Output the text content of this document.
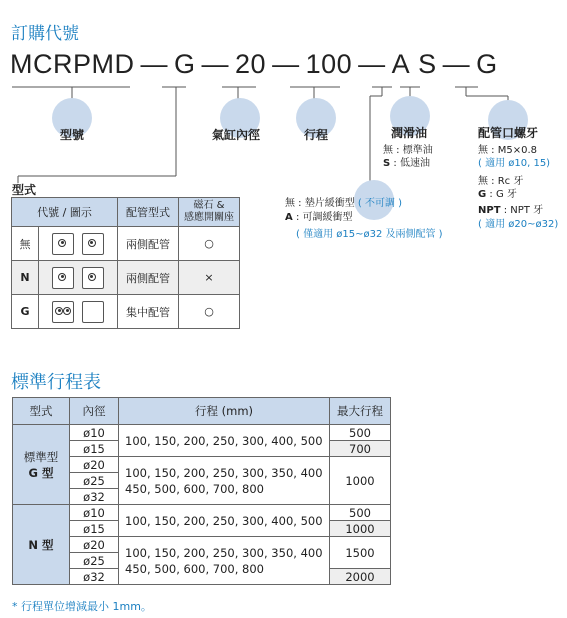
訂購代號
MCRPMD — G — 20 — 100 — A S — G
型號	氣缸內徑	行程	潤滑油	配管口螺牙
無 : 標準油
S : 低速油
無 : M5×0.8
( 適用 ø10, 15)
無 : Rc 牙
G : G 牙
NPT : NPT 牙
( 適用 ø20~ø32)
無 : 墊片緩衝型 ( 不可調 )
A : 可調緩衝型
( 僅適用 ø15~ø32 及兩側配管 )
型式
代號 / 圖示		配管型式	磁石 &
感應開關座
無		兩側配管	○
N		兩側配管	×
G		集中配管	○
標準行程表
型式	內徑	行程 (mm)	最大行程
標準型
G 型	ø10	100, 150, 200, 250, 300, 400, 500	500
	ø15		700
	ø20	100, 150, 200, 250, 300, 350, 400
450, 500, 600, 700, 800	1000
	ø25		
	ø32		
N 型	ø10	100, 150, 200, 250, 300, 400, 500	500
	ø15		1000
	ø20	100, 150, 200, 250, 300, 350, 400
450, 500, 600, 700, 800	1500
	ø25		
	ø32		2000
* 行程單位增減最小 1mm。
